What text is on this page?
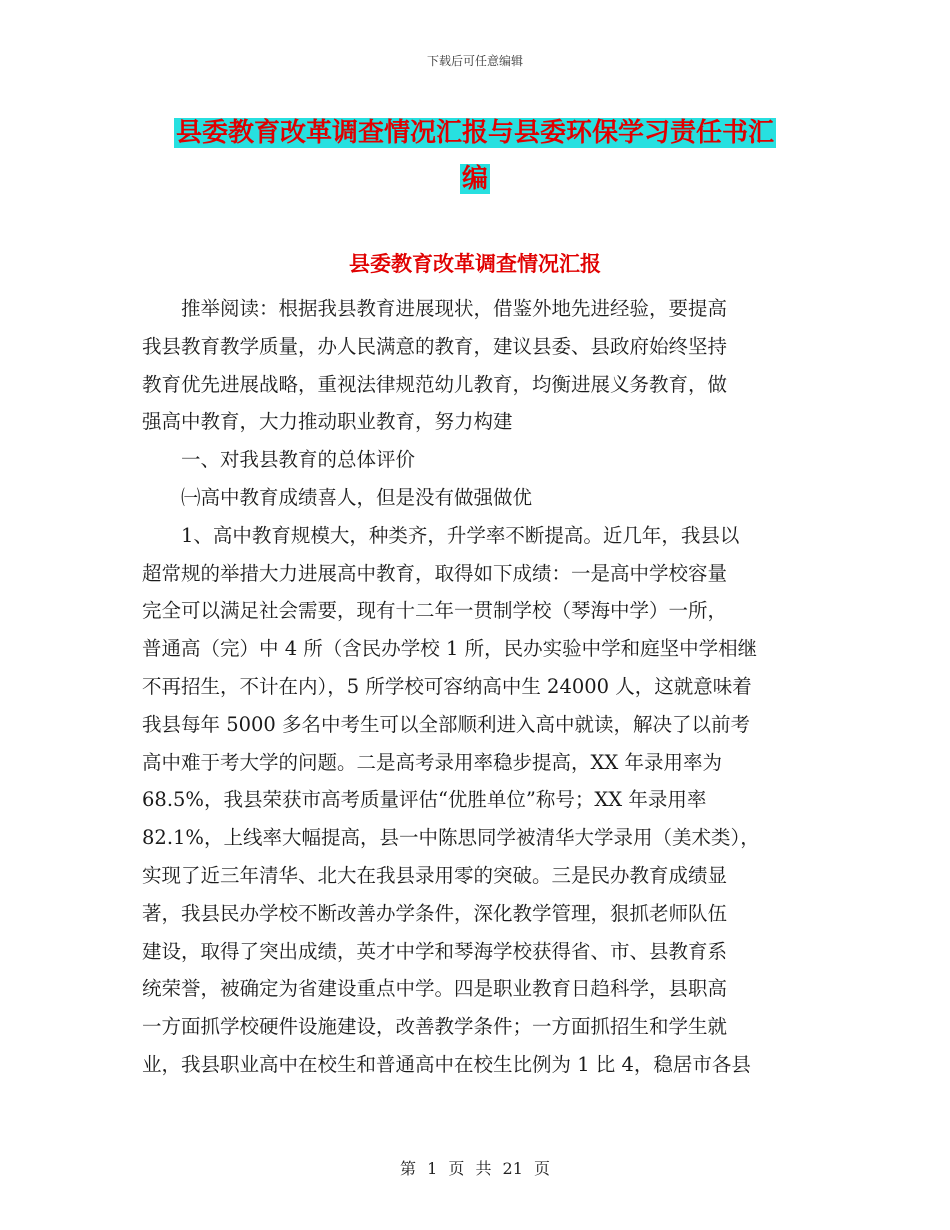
下载后可任意编辑
县委教育改革调查情况汇报与县委环保学习责任书汇
编
县委教育改革调查情况汇报

　　推举阅读：根据我县教育进展现状，借鉴外地先进经验，要提高

我县教育教学质量，办人民满意的教育，建议县委、县政府始终坚持

教育优先进展战略，重视法律规范幼儿教育，均衡进展义务教育，做

强高中教育，大力推动职业教育，努力构建

　　一、对我县教育的总体评价

　　㈠高中教育成绩喜人，但是没有做强做优

　　1、高中教育规模大，种类齐，升学率不断提高。近几年，我县以

超常规的举措大力进展高中教育，取得如下成绩：一是高中学校容量

完全可以满足社会需要，现有十二年一贯制学校（琴海中学）一所，

普通高（完）中 4 所（含民办学校 1 所，民办实验中学和庭坚中学相继

不再招生，不计在内），5 所学校可容纳高中生 24000 人，这就意味着

我县每年 5000 多名中考生可以全部顺利进入高中就读，解决了以前考

高中难于考大学的问题。二是高考录用率稳步提高，XX 年录用率为

68.5%，我县荣获市高考质量评估“优胜单位”称号；XX 年录用率

82.1%，上线率大幅提高，县一中陈思同学被清华大学录用（美术类），

实现了近三年清华、北大在我县录用零的突破。三是民办教育成绩显

著，我县民办学校不断改善办学条件，深化教学管理，狠抓老师队伍

建设，取得了突出成绩，英才中学和琴海学校获得省、市、县教育系

统荣誉，被确定为省建设重点中学。四是职业教育日趋科学，县职高

一方面抓学校硬件设施建设，改善教学条件；一方面抓招生和学生就

业，我县职业高中在校生和普通高中在校生比例为 1 比 4，稳居市各县

第 1 页 共 21 页
